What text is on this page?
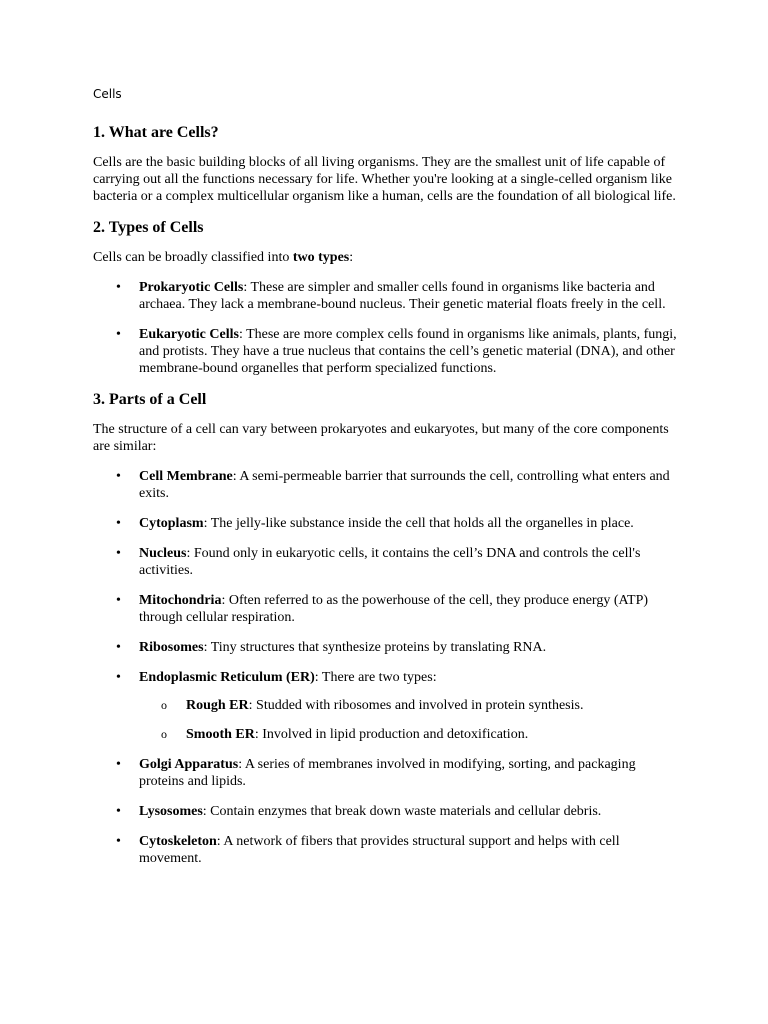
Cells
1. What are Cells?

Cells are the basic building blocks of all living organisms. They are the smallest unit of life capable of carrying out all the functions necessary for life. Whether you're looking at a single-celled organism like bacteria or a complex multicellular organism like a human, cells are the foundation of all biological life.

2. Types of Cells

Cells can be broadly classified into two types:

• Prokaryotic Cells: These are simpler and smaller cells found in organisms like bacteria and archaea. They lack a membrane-bound nucleus. Their genetic material floats freely in the cell.
• Eukaryotic Cells: These are more complex cells found in organisms like animals, plants, fungi, and protists. They have a true nucleus that contains the cell’s genetic material (DNA), and other membrane-bound organelles that perform specialized functions.
3. Parts of a Cell

The structure of a cell can vary between prokaryotes and eukaryotes, but many of the core components are similar:

• Cell Membrane: A semi-permeable barrier that surrounds the cell, controlling what enters and exits.
• Cytoplasm: The jelly-like substance inside the cell that holds all the organelles in place.
• Nucleus: Found only in eukaryotic cells, it contains the cell’s DNA and controls the cell's activities.
• Mitochondria: Often referred to as the powerhouse of the cell, they produce energy (ATP) through cellular respiration.
• Ribosomes: Tiny structures that synthesize proteins by translating RNA.
• Endoplasmic Reticulum (ER): There are two types:
o Rough ER: Studded with ribosomes and involved in protein synthesis.
o Smooth ER: Involved in lipid production and detoxification.
• Golgi Apparatus: A series of membranes involved in modifying, sorting, and packaging proteins and lipids.
• Lysosomes: Contain enzymes that break down waste materials and cellular debris.
• Cytoskeleton: A network of fibers that provides structural support and helps with cell movement.
